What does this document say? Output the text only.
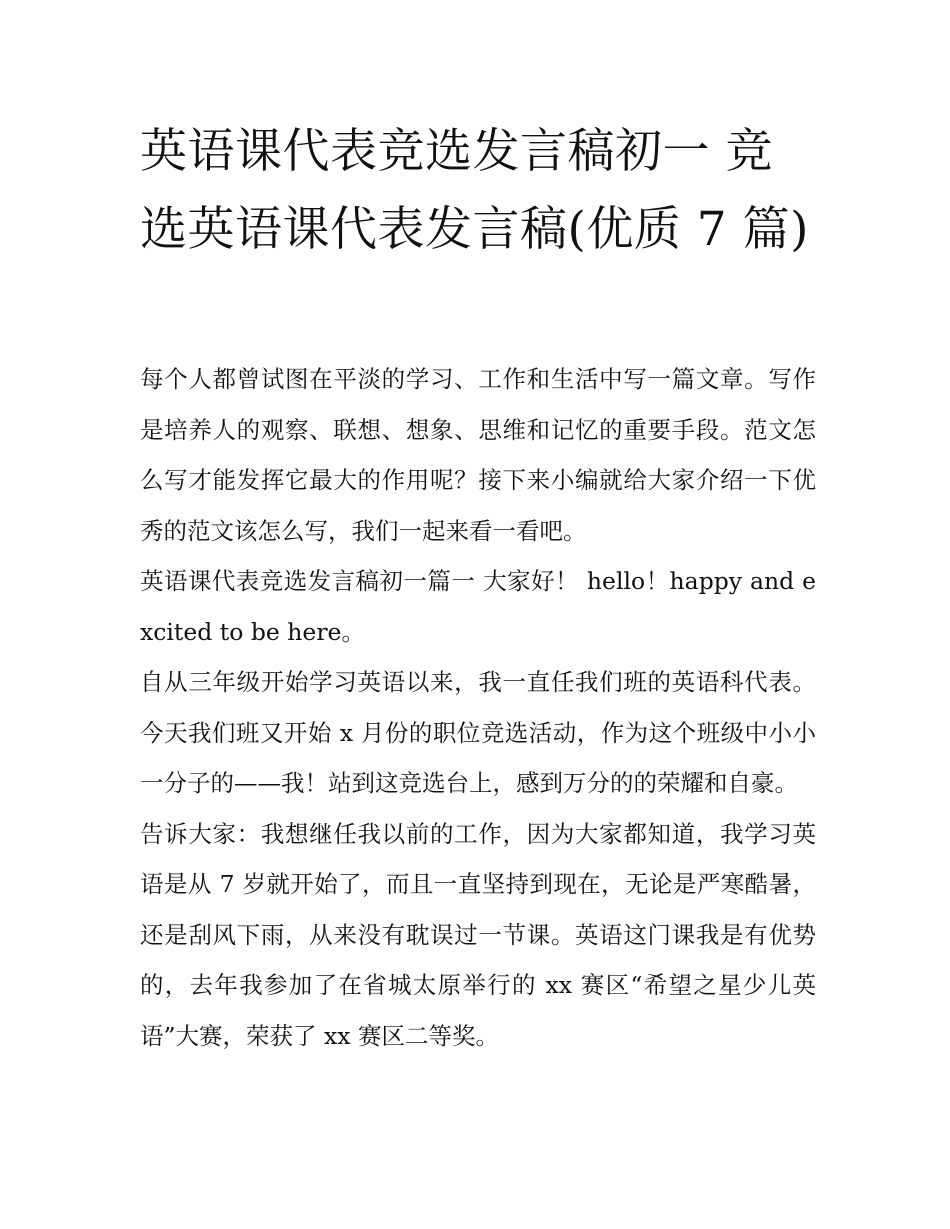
英语课代表竞选发言稿初一 竞选英语课代表发言稿(优质 7 篇)

每个人都曾试图在平淡的学习、工作和生活中写一篇文章。写作是培养人的观察、联想、想象、思维和记忆的重要手段。范文怎么写才能发挥它最大的作用呢？接下来小编就给大家介绍一下优秀的范文该怎么写，我们一起来看一看吧。

英语课代表竞选发言稿初一篇一 大家好！ hello！happy and excited to be here。

自从三年级开始学习英语以来，我一直任我们班的英语科代表。今天我们班又开始 x 月份的职位竞选活动，作为这个班级中小小一分子的——我！站到这竞选台上，感到万分的的荣耀和自豪。

告诉大家：我想继任我以前的工作，因为大家都知道，我学习英语是从 7 岁就开始了，而且一直坚持到现在，无论是严寒酷暑，还是刮风下雨，从来没有耽误过一节课。英语这门课我是有优势的，去年我参加了在省城太原举行的 xx 赛区“希望之星少儿英语”大赛，荣获了 xx 赛区二等奖。
